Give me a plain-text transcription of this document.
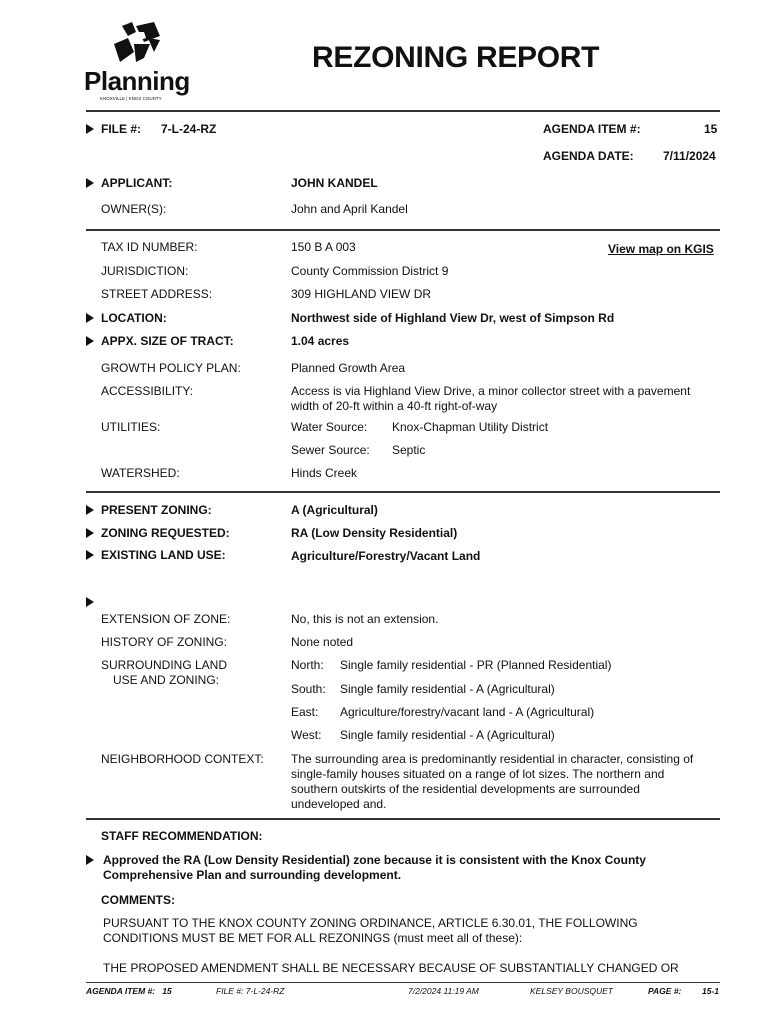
Planning
KNOXVILLE | KNOX COUNTY
REZONING REPORT
FILE #: 7-L-24-RZ	AGENDA ITEM #:	15
AGENDA DATE: 7/11/2024
APPLICANT:	JOHN KANDEL
OWNER(S):	John and April Kandel
TAX ID NUMBER:	150 B A 003	View map on KGIS
JURISDICTION:	County Commission District 9
STREET ADDRESS:	309 HIGHLAND VIEW DR
LOCATION:	Northwest side of Highland View Dr, west of Simpson Rd
APPX. SIZE OF TRACT:	1.04 acres
GROWTH POLICY PLAN:	Planned Growth Area
ACCESSIBILITY:	Access is via Highland View Drive, a minor collector street with a pavement
width of 20-ft within a 40-ft right-of-way
UTILITIES:	Water Source: Knox-Chapman Utility District
Sewer Source: Septic
WATERSHED:	Hinds Creek
PRESENT ZONING:	A (Agricultural)
ZONING REQUESTED:	RA (Low Density Residential)
EXISTING LAND USE:	Agriculture/Forestry/Vacant Land
EXTENSION OF ZONE:	No, this is not an extension.
HISTORY OF ZONING:	None noted
SURROUNDING LAND
USE AND ZONING:
North: Single family residential - PR (Planned Residential)
South: Single family residential - A (Agricultural)
East: Agriculture/forestry/vacant land - A (Agricultural)
West: Single family residential - A (Agricultural)
NEIGHBORHOOD CONTEXT: The surrounding area is predominantly residential in character, consisting of
single-family houses situated on a range of lot sizes. The northern and
southern outskirts of the residential developments are surrounded
undeveloped and.
STAFF RECOMMENDATION:
Approved the RA (Low Density Residential) zone because it is consistent with the Knox County
Comprehensive Plan and surrounding development.
COMMENTS:
PURSUANT TO THE KNOX COUNTY ZONING ORDINANCE, ARTICLE 6.30.01, THE FOLLOWING
CONDITIONS MUST BE MET FOR ALL REZONINGS (must meet all of these):
THE PROPOSED AMENDMENT SHALL BE NECESSARY BECAUSE OF SUBSTANTIALLY CHANGED OR
AGENDA ITEM #:   15	FILE #: 7-L-24-RZ	7/2/2024 11:19 AM	KELSEY BOUSQUET	PAGE #: 15-1
